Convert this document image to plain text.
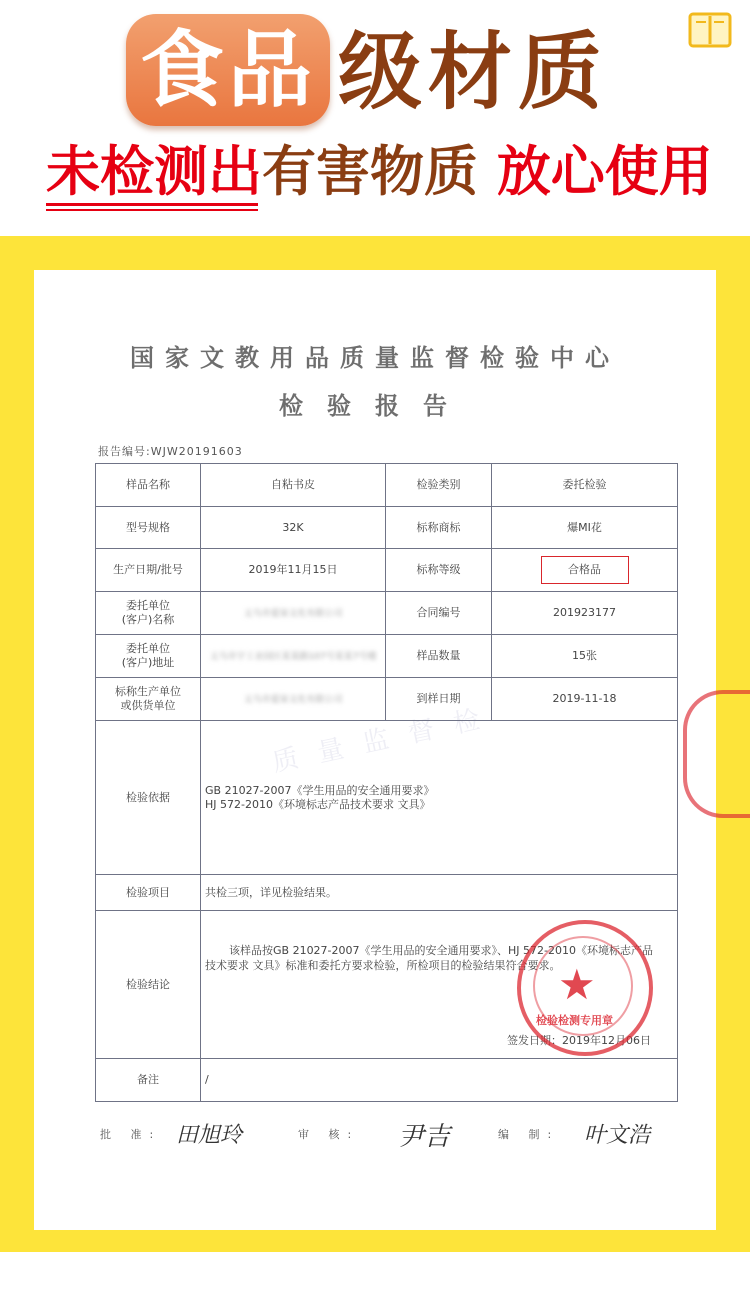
食品 级材质
未检测出有害物质 放心使用
质 量 监 督 检
国家文教用品质量监督检验中心
检验报告
报告编号:WJW20191603
样品名称	自粘书皮	检验类别	委托检验
型号规格	32K	标称商标	爆MI花
生产日期/批号	2019年11月15日	标称等级	合格品
委托单位
(客户)名称	义乌市爱柒文化有限公司	合同编号	201923177
委托单位
(客户)地址	义乌市宇工业园区某某路107号某某7号楼	样品数量	15张
标称生产单位
或供货单位	义乌市爱柒文化有限公司	到样日期	2019-11-18
检验依据	GB 21027-2007《学生用品的安全通用要求》
HJ 572-2010《环境标志产品技术要求 文具》		

检验项目	共检三项，详见检验结果。		
检验结论	该样品按GB 21027-2007《学生用品的安全通用要求》、HJ 572-2010《环境标志产品技术要求 文具》标准和委托方要求检验，所检项目的检验结果符合要求。
签发日期：2019年12月06日		

备注	/		
★
检验检测专用章
批 准: 田旭玲	审 核: 尹吉	编 制: 叶文浩
